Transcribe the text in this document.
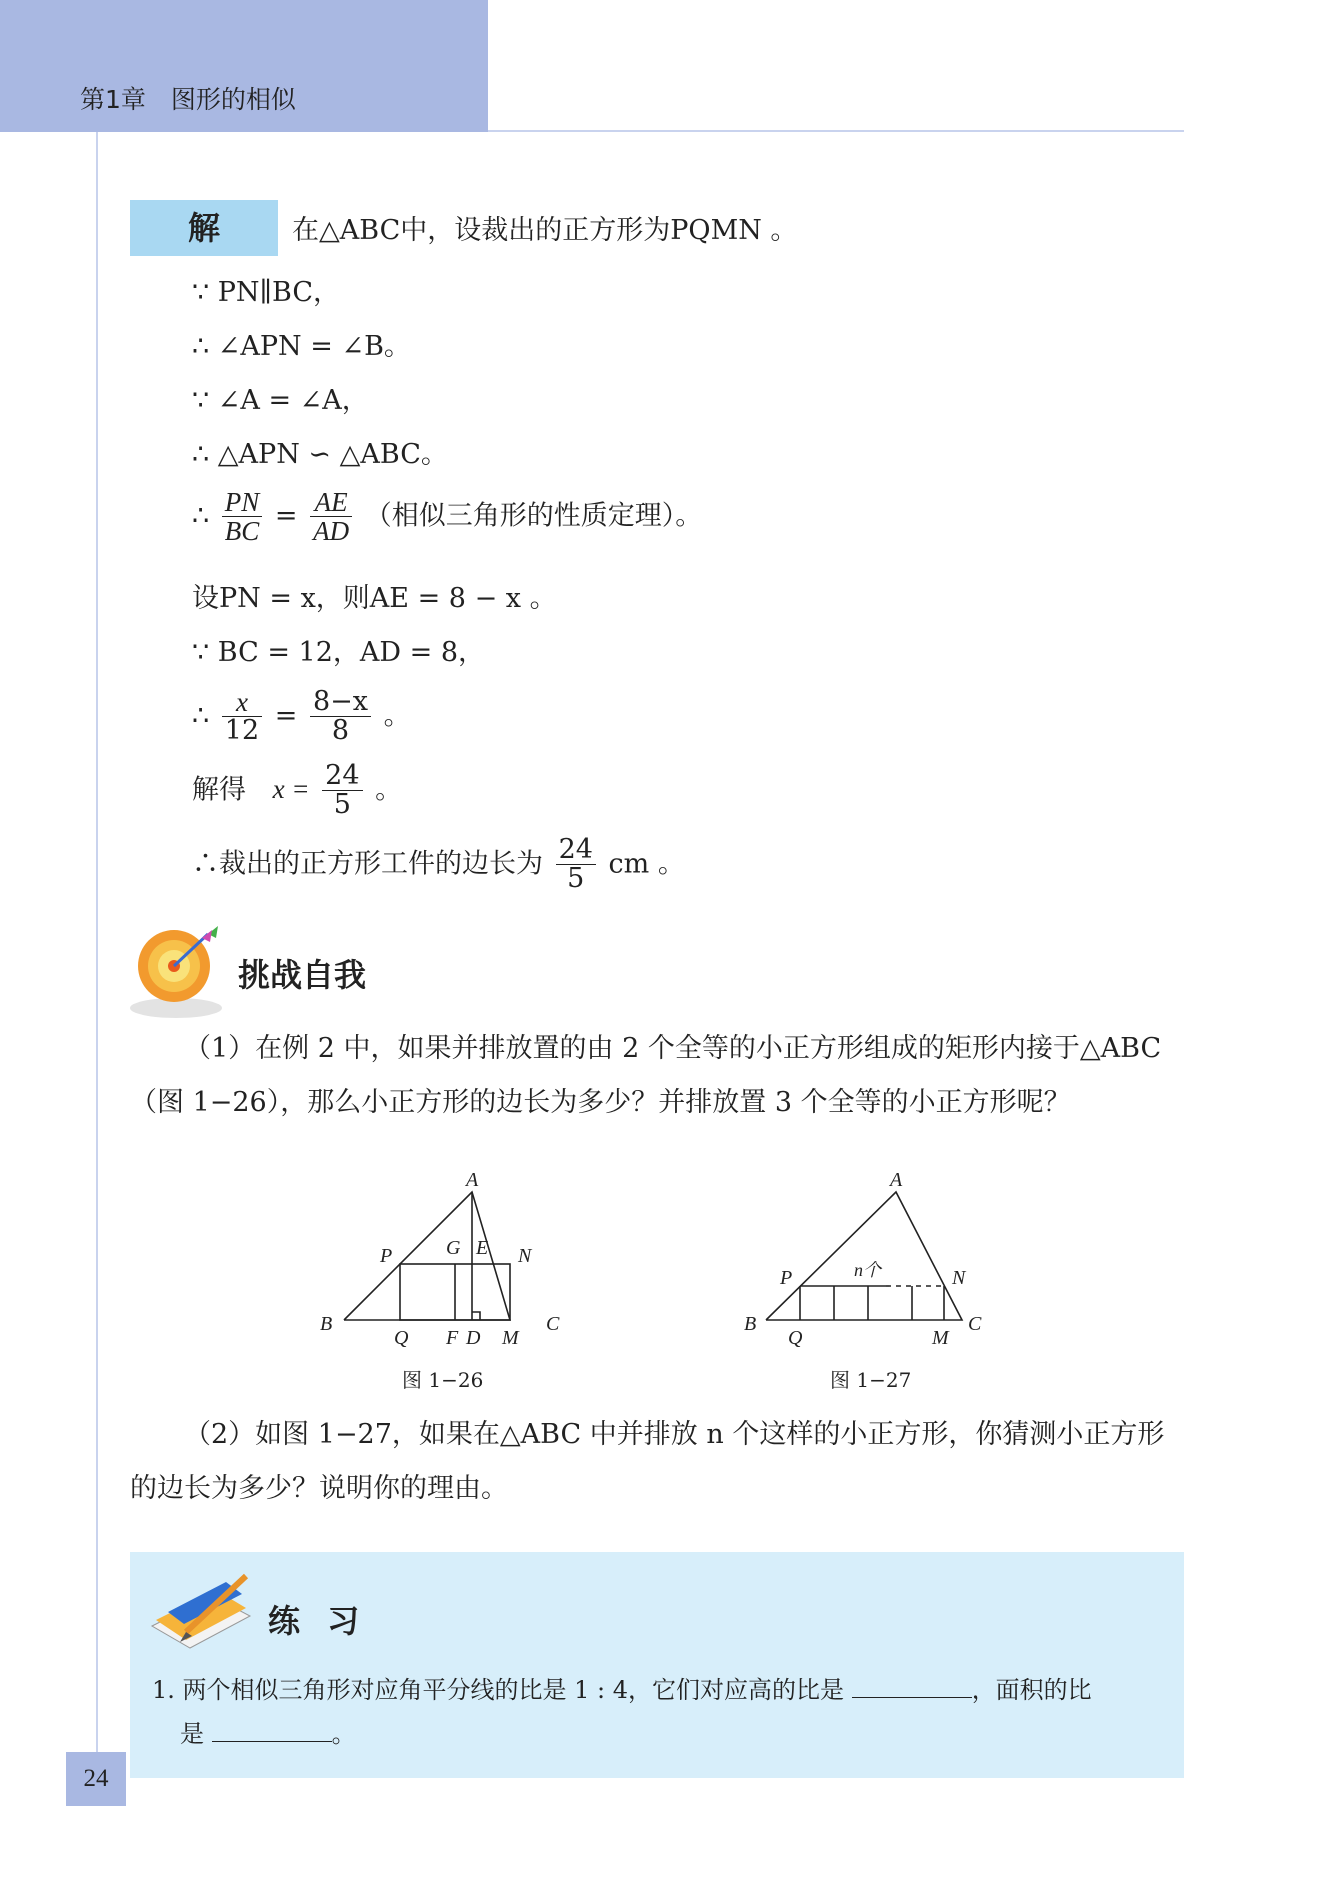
第1章　图形的相似
解	在△ABC中，设裁出的正方形为PQMN 。
∵ PN∥BC，
∴ ∠APN = ∠B。
∵ ∠A = ∠A，
∴ △APN ∽ △ABC。
∴ $\frac{PN}{BC} = \frac{AE}{AD}$ （相似三角形的性质定理）。
设PN = x，则AE = 8 − x 。
∵ BC = 12，AD = 8，
∴ $\frac{x}{12} = \frac{8-x}{8}$ 。
解得 $x = \frac{24}{5}$ 。
∴裁出的正方形工件的边长为 $\frac{24}{5}$ cm 。
挑战自我
（1）在例 2 中，如果并排放置的由 2 个全等的小正方形组成的矩形内接于△ABC（图 1−26），那么小正方形的边长为多少？并排放置 3 个全等的小正方形呢？
A
B	C
P	N
G E
Q F D M
图 1−26
A
B	C
P	N
Q	M
n个
图 1−27
（2）如图 1−27，如果在△ABC 中并排放 n 个这样的小正方形，你猜测小正方形的边长为多少？说明你的理由。
练 习
1. 两个相似三角形对应角平分线的比是 1 : 4，它们对应高的比是	，面积的比
是	。
24
